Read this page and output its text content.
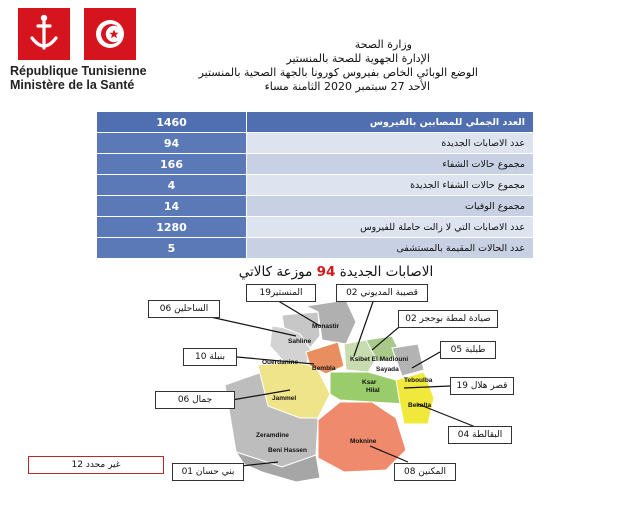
République Tunisienne
Ministère de la Santé
وزارة الصحة
الإدارة الجهوية للصحة بالمنستير
الوضع الوبائي الخاص بفيروس كورونا بالجهة الصحية بالمنستير
الأحد 27 سبتمبر 2020 الثامنة مساء
1460	العدد الجملي للمصابين بالفيروس
94	عدد الاصابات الجديدة
166	مجموع حالات الشفاء
4	مجموع حالات الشفاء الجديدة
14	مجموع الوفيات
1280	عدد الاصابات التي لا زالت حاملة للفيروس
5	عدد الحالات المقيمة بالمستشفى
الاصابات الجديدة 94 موزعة كالاتي
Monastir
Sahline
Ouerdanine
Bembla
Ksibet El Madiouni
Sayada
Teboulba
Ksar
Hilal
Bekalta
Jammel
Zeramdine
Moknine
Beni Hassen
الساحلين 06
المنستير19	قصيبة المديوني 02
صيادة لمطة بوحجر 02
بنبلة 10
طبلبة 05
قصر هلال 19
جمال 06
البقالطة 04
غير محدد 12
بني حسان 01	المكنين 08
